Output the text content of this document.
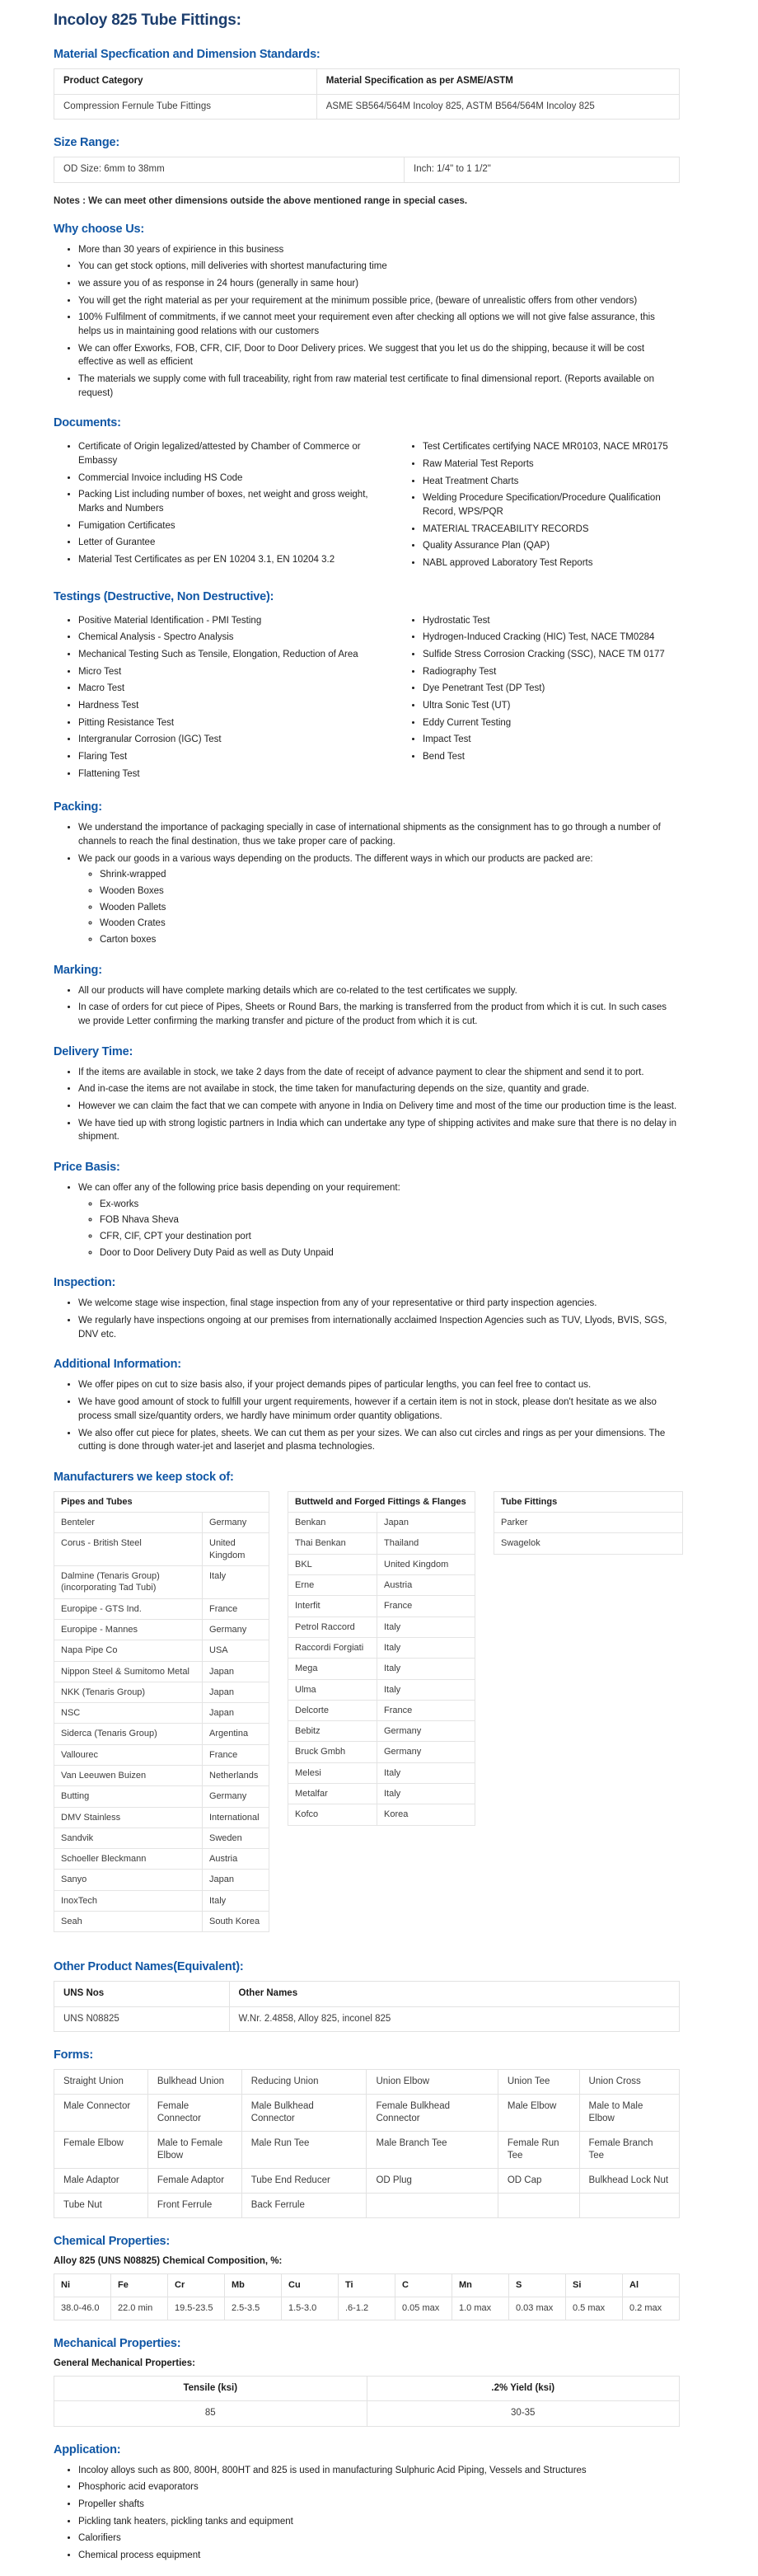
Incoloy 825 Tube Fittings:
Material Specfication and Dimension Standards:
Product Category	Material Specification as per ASME/ASTM
Compression Fernule Tube Fittings	ASME SB564/564M Incoloy 825, ASTM B564/564M Incoloy 825
Size Range:
OD Size: 6mm to 38mm	Inch: 1/4" to 1 1/2"

Notes : We can meet other dimensions outside the above mentioned range in special cases.

Why choose Us:
• More than 30 years of expirience in this business
• You can get stock options, mill deliveries with shortest manufacturing time
• we assure you of as response in 24 hours (generally in same hour)
• You will get the right material as per your requirement at the minimum possible price, (beware of unrealistic offers from other vendors)
• 100% Fulfilment of commitments, if we cannot meet your requirement even after checking all options we will not give false assurance, this helps us in maintaining good relations with our customers
• We can offer Exworks, FOB, CFR, CIF, Door to Door Delivery prices. We suggest that you let us do the shipping, because it will be cost effective as well as efficient
• The materials we supply come with full traceability, right from raw material test certificate to final dimensional report. (Reports available on request)
Documents:
• Certificate of Origin legalized/attested by Chamber of Commerce or Embassy
• Commercial Invoice including HS Code
• Packing List including number of boxes, net weight and gross weight, Marks and Numbers
• Fumigation Certificates
• Letter of Gurantee
• Material Test Certificates as per EN 10204 3.1, EN 10204 3.2
• Test Certificates certifying NACE MR0103, NACE MR0175
• Raw Material Test Reports
• Heat Treatment Charts
• Welding Procedure Specification/Procedure Qualification Record, WPS/PQR
• MATERIAL TRACEABILITY RECORDS
• Quality Assurance Plan (QAP)
• NABL approved Laboratory Test Reports
Testings (Destructive, Non Destructive):
• Positive Material Identification - PMI Testing
• Chemical Analysis - Spectro Analysis
• Mechanical Testing Such as Tensile, Elongation, Reduction of Area
• Micro Test
• Macro Test
• Hardness Test
• Pitting Resistance Test
• Intergranular Corrosion (IGC) Test
• Flaring Test
• Flattening Test
• Hydrostatic Test
• Hydrogen-Induced Cracking (HIC) Test, NACE TM0284
• Sulfide Stress Corrosion Cracking (SSC), NACE TM 0177
• Radiography Test
• Dye Penetrant Test (DP Test)
• Ultra Sonic Test (UT)
• Eddy Current Testing
• Impact Test
• Bend Test
Packing:
• We understand the importance of packaging specially in case of international shipments as the consignment has to go through a number of channels to reach the final destination, thus we take proper care of packing.
• We pack our goods in a various ways depending on the products. The different ways in which our products are packed are:
◦ Shrink-wrapped
◦ Wooden Boxes
◦ Wooden Pallets
◦ Wooden Crates
◦ Carton boxes
Marking:
• All our products will have complete marking details which are co-related to the test certificates we supply.
• In case of orders for cut piece of Pipes, Sheets or Round Bars, the marking is transferred from the product from which it is cut. In such cases we provide Letter confirming the marking transfer and picture of the product from which it is cut.
Delivery Time:
• If the items are available in stock, we take 2 days from the date of receipt of advance payment to clear the shipment and send it to port.
• And in-case the items are not availabe in stock, the time taken for manufacturing depends on the size, quantity and grade.
• However we can claim the fact that we can compete with anyone in India on Delivery time and most of the time our production time is the least.
• We have tied up with strong logistic partners in India which can undertake any type of shipping activites and make sure that there is no delay in shipment.
Price Basis:
• We can offer any of the following price basis depending on your requirement:
◦ Ex-works
◦ FOB Nhava Sheva
◦ CFR, CIF, CPT your destination port
◦ Door to Door Delivery Duty Paid as well as Duty Unpaid
Inspection:
• We welcome stage wise inspection, final stage inspection from any of your representative or third party inspection agencies.
• We regularly have inspections ongoing at our premises from internationally acclaimed Inspection Agencies such as TUV, Llyods, BVIS, SGS, DNV etc.
Additional Information:
• We offer pipes on cut to size basis also, if your project demands pipes of particular lengths, you can feel free to contact us.
• We have good amount of stock to fulfill your urgent requirements, however if a certain item is not in stock, please don't hesitate as we also process small size/quantity orders, we hardly have minimum order quantity obligations.
• We also offer cut piece for plates, sheets. We can cut them as per your sizes. We can also cut circles and rings as per your dimensions. The cutting is done through water-jet and laserjet and plasma technologies.
Manufacturers we keep stock of:
Pipes and Tubes	
Benteler	Germany
Corus - British Steel	United Kingdom
Dalmine (Tenaris Group) (incorporating Tad Tubi)	Italy
Europipe - GTS Ind.	France
Europipe - Mannes	Germany
Napa Pipe Co	USA
Nippon Steel & Sumitomo Metal	Japan
NKK (Tenaris Group)	Japan
NSC	Japan
Siderca (Tenaris Group)	Argentina
Vallourec	France
Van Leeuwen Buizen	Netherlands
Butting	Germany
DMV Stainless	International
Sandvik	Sweden
Schoeller Bleckmann	Austria
Sanyo	Japan
InoxTech	Italy
Seah	South Korea
Buttweld and Forged Fittings & Flanges	
Benkan	Japan
Thai Benkan	Thailand
BKL	United Kingdom
Erne	Austria
Interfit	France
Petrol Raccord	Italy
Raccordi Forgiati	Italy
Mega	Italy
Ulma	Italy
Delcorte	France
Bebitz	Germany
Bruck Gmbh	Germany
Melesi	Italy
Metalfar	Italy
Kofco	Korea
Tube Fittings
Parker
Swagelok
Other Product Names(Equivalent):
UNS Nos	Other Names
UNS N08825	W.Nr. 2.4858, Alloy 825, inconel 825
Forms:
Straight Union	Bulkhead Union	Reducing Union	Union Elbow	Union Tee	Union Cross
Male Connector	Female Connector	Male Bulkhead Connector	Female Bulkhead Connector	Male Elbow	Male to Male Elbow
Female Elbow	Male to Female Elbow	Male Run Tee	Male Branch Tee	Female Run Tee	Female Branch Tee
Male Adaptor	Female Adaptor	Tube End Reducer	OD Plug	OD Cap	Bulkhead Lock Nut
Tube Nut	Front Ferrule	Back Ferrule			
Chemical Properties:

Alloy 825 (UNS N08825) Chemical Composition, %:

Ni	Fe	Cr	Mb	Cu	Ti	C	Mn	S	Si	Al
38.0-46.0	22.0 min	19.5-23.5	2.5-3.5	1.5-3.0	.6-1.2	0.05 max	1.0 max	0.03 max	0.5 max	0.2 max
Mechanical Properties:

General Mechanical Properties:

Tensile (ksi)	.2% Yield (ksi)
85	30-35
Application:
• Incoloy alloys such as 800, 800H, 800HT and 825 is used in manufacturing Sulphuric Acid Piping, Vessels and Structures
• Phosphoric acid evaporators
• Propeller shafts
• Pickling tank heaters, pickling tanks and equipment
• Calorifiers
• Chemical process equipment
